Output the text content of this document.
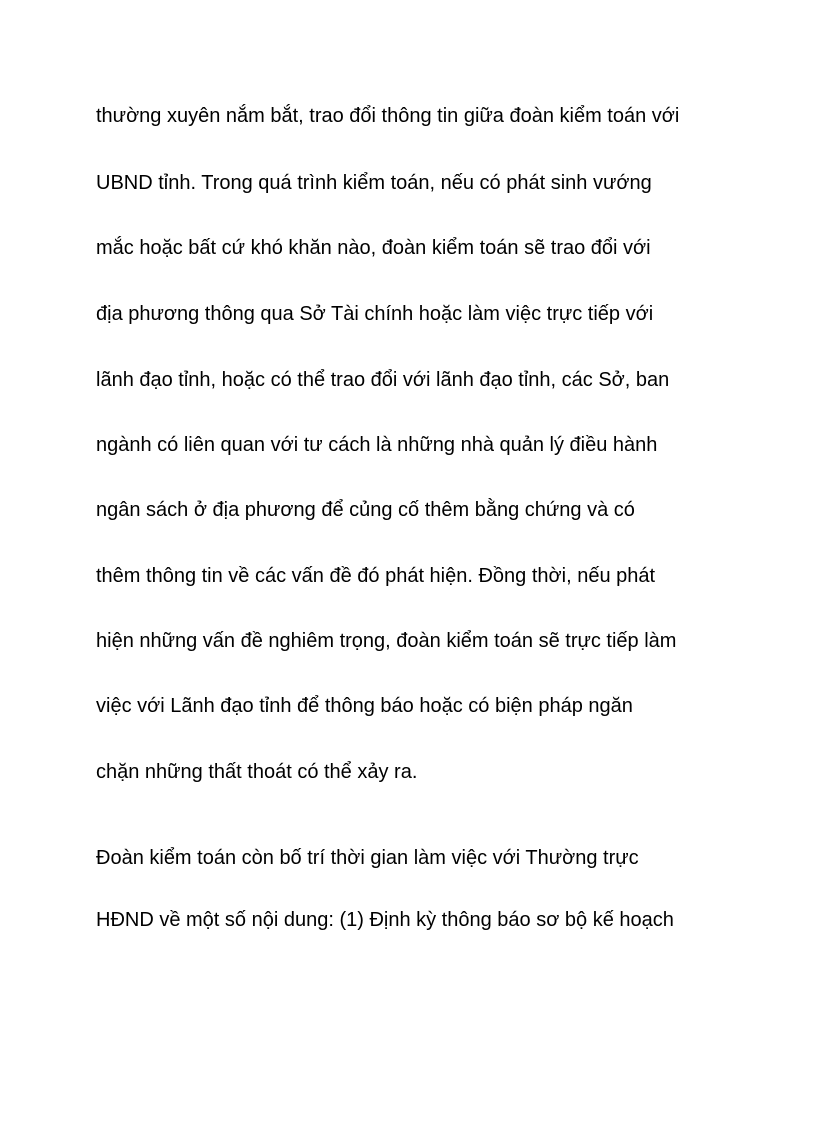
thường xuyên nắm bắt, trao đổi thông tin giữa đoàn kiểm toán với

UBND tỉnh. Trong quá trình kiểm toán, nếu có phát sinh vướng

mắc hoặc bất cứ khó khăn nào, đoàn kiểm toán sẽ trao đổi với

địa phương thông qua Sở Tài chính hoặc làm việc trực tiếp với

lãnh đạo tỉnh, hoặc có thể trao đổi với lãnh đạo tỉnh, các Sở, ban

ngành có liên quan với tư cách là những nhà quản lý điều hành

ngân sách ở địa phương để củng cố thêm bằng chứng và có

thêm thông tin về các vấn đề đó phát hiện. Đồng thời, nếu phát

hiện những vấn đề nghiêm trọng, đoàn kiểm toán sẽ trực tiếp làm

việc với Lãnh đạo tỉnh để thông báo hoặc có biện pháp ngăn

chặn những thất thoát có thể xảy ra.

Đoàn kiểm toán còn bố trí thời gian làm việc với Thường trực

HĐND về một số nội dung: (1) Định kỳ thông báo sơ bộ kế hoạch
